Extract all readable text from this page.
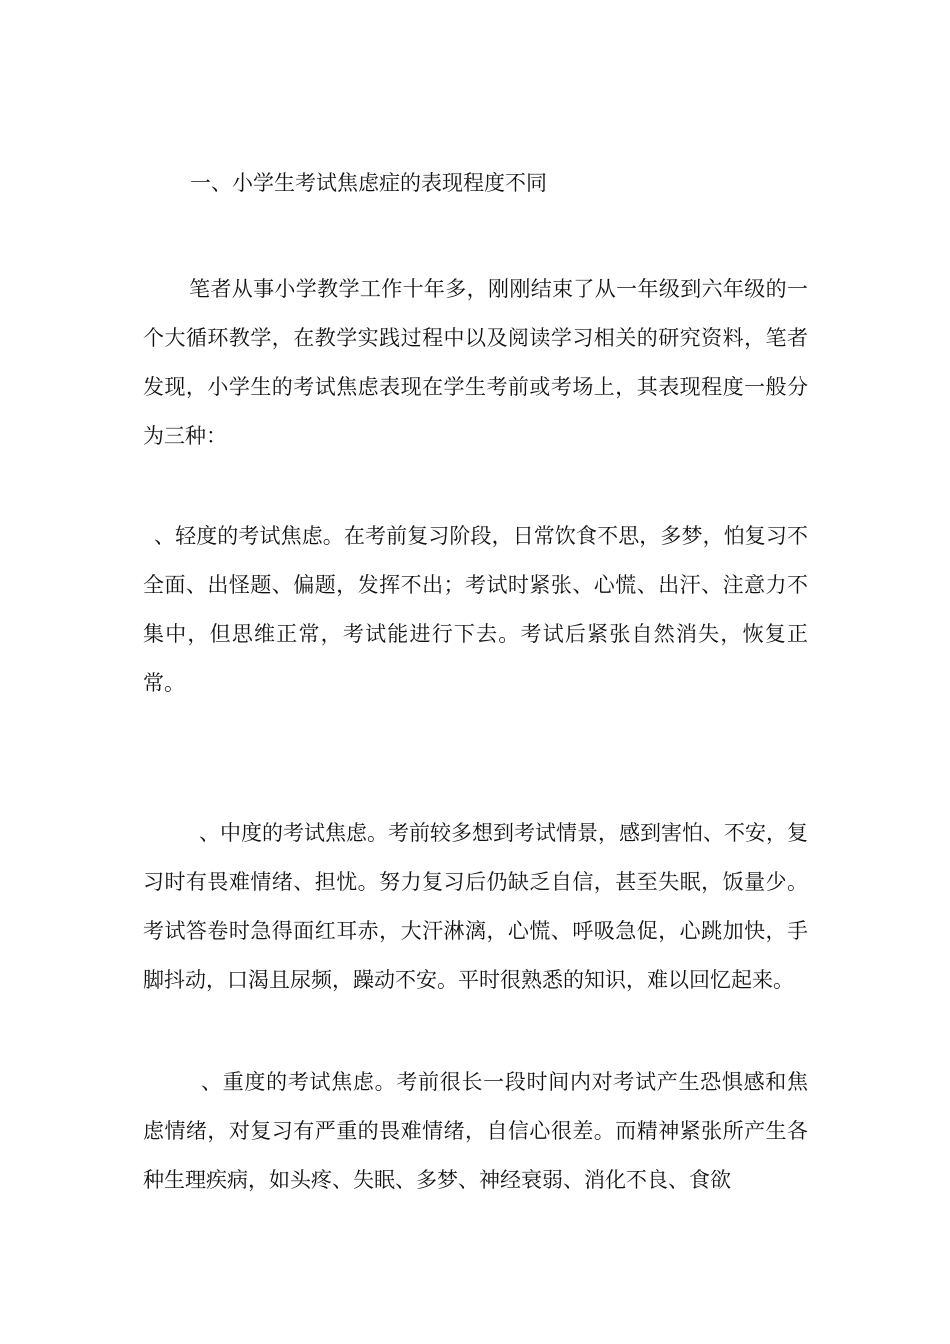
一、小学生考试焦虑症的表现程度不同

笔者从事小学教学工作十年多，刚刚结束了从一年级到六年级的一个大循环教学，在教学实践过程中以及阅读学习相关的研究资料，笔者发现，小学生的考试焦虑表现在学生考前或考场上，其表现程度一般分为三种：

、轻度的考试焦虑。在考前复习阶段，日常饮食不思，多梦，怕复习不全面、出怪题、偏题，发挥不出；考试时紧张、心慌、出汗、注意力不集中，但思维正常，考试能进行下去。考试后紧张自然消失，恢复正常。

、中度的考试焦虑。考前较多想到考试情景，感到害怕、不安，复习时有畏难情绪、担忧。努力复习后仍缺乏自信，甚至失眠，饭量少。考试答卷时急得面红耳赤，大汗淋漓，心慌、呼吸急促，心跳加快，手脚抖动，口渴且尿频，躁动不安。平时很熟悉的知识，难以回忆起来。

、重度的考试焦虑。考前很长一段时间内对考试产生恐惧感和焦虑情绪，对复习有严重的畏难情绪，自信心很差。而精神紧张所产生各种生理疾病，如头疼、失眠、多梦、神经衰弱、消化不良、食欲
